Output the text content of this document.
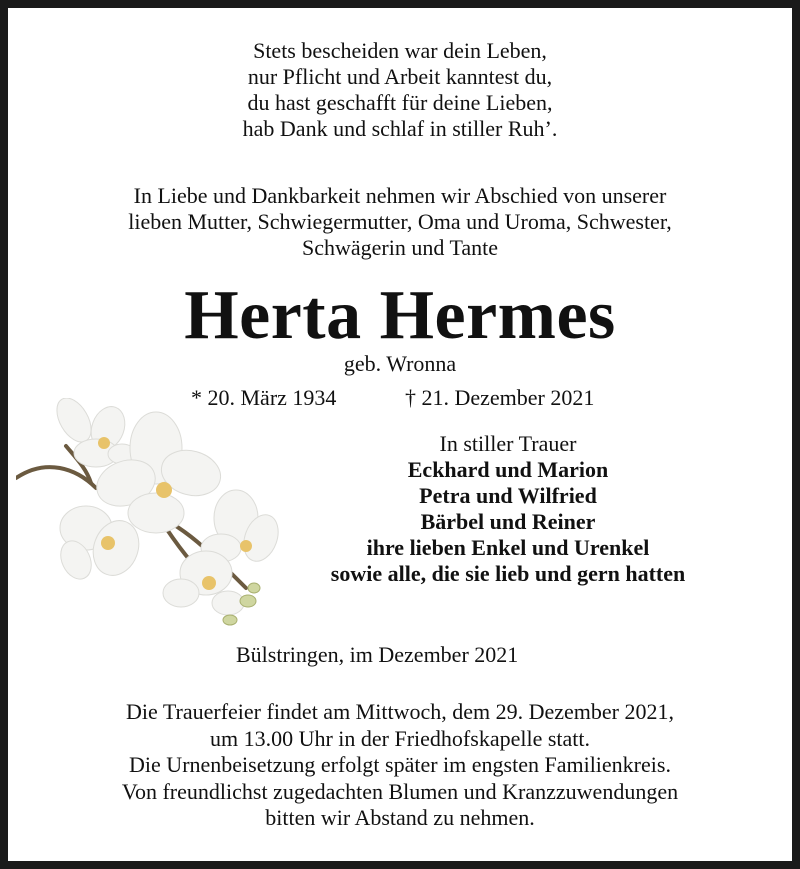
Stets bescheiden war dein Leben,
nur Pflicht und Arbeit kanntest du,
du hast geschafft für deine Lieben,
hab Dank und schlaf in stiller Ruh’.
In Liebe und Dankbarkeit nehmen wir Abschied von unserer
lieben Mutter, Schwiegermutter, Oma und Uroma, Schwester,
Schwägerin und Tante
Herta Hermes
geb. Wronna
* 20. März 1934	† 21. Dezember 2021
In stiller Trauer
Eckhard und Marion
Petra und Wilfried
Bärbel und Reiner
ihre lieben Enkel und Urenkel
sowie alle, die sie lieb und gern hatten
Bülstringen, im Dezember 2021
Die Trauerfeier findet am Mittwoch, dem 29. Dezember 2021,
um 13.00 Uhr in der Friedhofskapelle statt.
Die Urnenbeisetzung erfolgt später im engsten Familienkreis.
Von freundlichst zugedachten Blumen und Kranzzuwendungen
bitten wir Abstand zu nehmen.
